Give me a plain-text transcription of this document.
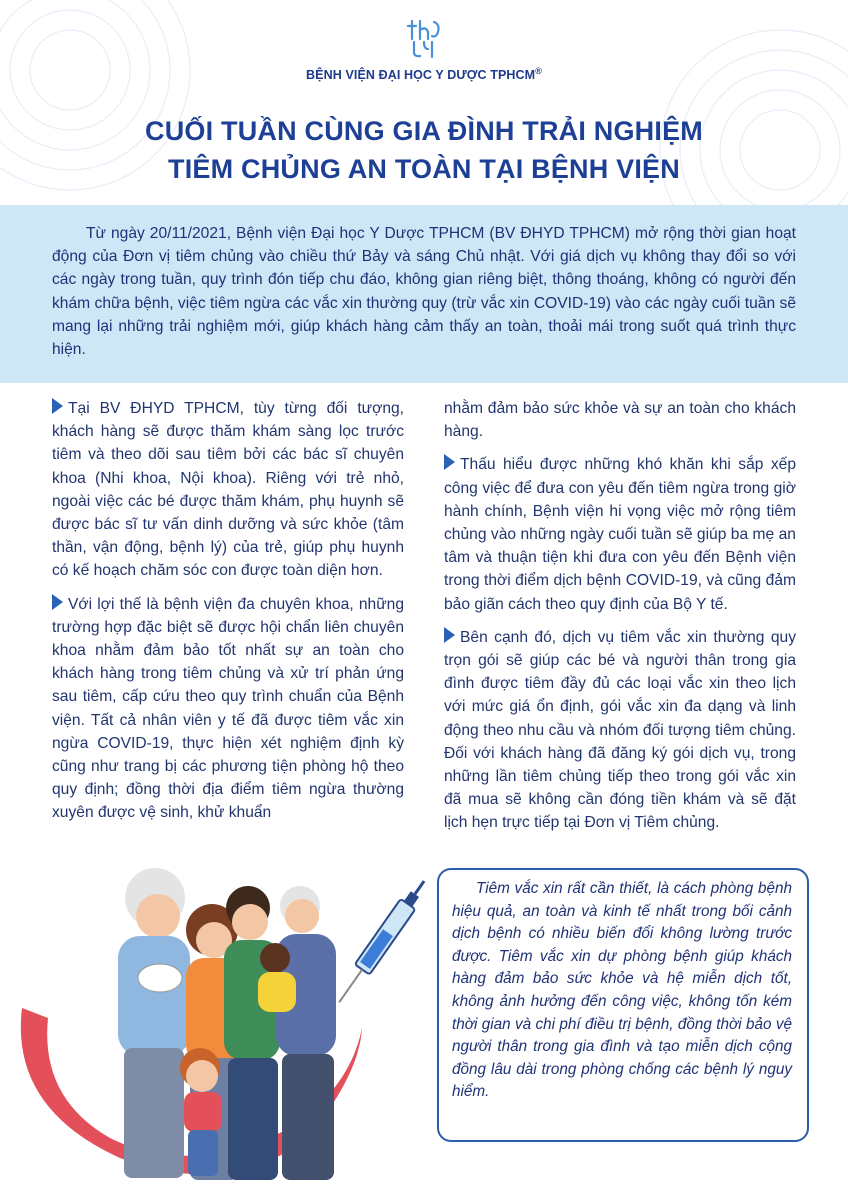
BỆNH VIỆN ĐẠI HỌC Y DƯỢC TPHCM®
CUỐI TUẦN CÙNG GIA ĐÌNH TRẢI NGHIỆM
TIÊM CHỦNG AN TOÀN TẠI BỆNH VIỆN
Từ ngày 20/11/2021, Bệnh viện Đại học Y Dược TPHCM (BV ĐHYD TPHCM) mở rộng thời gian hoạt động của Đơn vị tiêm chủng vào chiều thứ Bảy và sáng Chủ nhật. Với giá dịch vụ không thay đổi so với các ngày trong tuần, quy trình đón tiếp chu đáo, không gian riêng biệt, thông thoáng, không có người đến khám chữa bệnh, việc tiêm ngừa các vắc xin thường quy (trừ vắc xin COVID-19) vào các ngày cuối tuần sẽ mang lại những trải nghiệm mới, giúp khách hàng cảm thấy an toàn, thoải mái trong suốt quá trình thực hiện.

Tại BV ĐHYD TPHCM, tùy từng đối tượng, khách hàng sẽ được thăm khám sàng lọc trước tiêm và theo dõi sau tiêm bởi các bác sĩ chuyên khoa (Nhi khoa, Nội khoa). Riêng với trẻ nhỏ, ngoài việc các bé được thăm khám, phụ huynh sẽ được bác sĩ tư vấn dinh dưỡng và sức khỏe (tâm thần, vận động, bệnh lý) của trẻ, giúp phụ huynh có kế hoạch chăm sóc con được toàn diện hơn.

Với lợi thế là bệnh viện đa chuyên khoa, những trường hợp đặc biệt sẽ được hội chẩn liên chuyên khoa nhằm đảm bảo tốt nhất sự an toàn cho khách hàng trong tiêm chủng và xử trí phản ứng sau tiêm, cấp cứu theo quy trình chuẩn của Bệnh viện. Tất cả nhân viên y tế đã được tiêm vắc xin ngừa COVID-19, thực hiện xét nghiệm định kỳ cũng như trang bị các phương tiện phòng hộ theo quy định; đồng thời địa điểm tiêm ngừa thường xuyên được vệ sinh, khử khuẩn

nhằm đảm bảo sức khỏe và sự an toàn cho khách hàng.

Thấu hiểu được những khó khăn khi sắp xếp công việc để đưa con yêu đến tiêm ngừa trong giờ hành chính, Bệnh viện hi vọng việc mở rộng tiêm chủng vào những ngày cuối tuần sẽ giúp ba mẹ an tâm và thuận tiện khi đưa con yêu đến Bệnh viện trong thời điểm dịch bệnh COVID-19, và cũng đảm bảo giãn cách theo quy định của Bộ Y tế.

Bên cạnh đó, dịch vụ tiêm vắc xin thường quy trọn gói sẽ giúp các bé và người thân trong gia đình được tiêm đầy đủ các loại vắc xin theo lịch với mức giá ổn định, gói vắc xin đa dạng và linh động theo nhu cầu và nhóm đối tượng tiêm chủng. Đối với khách hàng đã đăng ký gói dịch vụ, trong những lần tiêm chủng tiếp theo trong gói vắc xin đã mua sẽ không cần đóng tiền khám và sẽ đặt lịch hẹn trực tiếp tại Đơn vị Tiêm chủng.

Tiêm vắc xin rất cần thiết, là cách phòng bệnh hiệu quả, an toàn và kinh tế nhất trong bối cảnh dịch bệnh có nhiều biến đổi không lường trước được. Tiêm vắc xin dự phòng bệnh giúp khách hàng đảm bảo sức khỏe và hệ miễn dịch tốt, không ảnh hưởng đến công việc, không tốn kém thời gian và chi phí điều trị bệnh, đồng thời bảo vệ người thân trong gia đình và tạo miễn dịch cộng đồng lâu dài trong phòng chống các bệnh lý nguy hiểm.
